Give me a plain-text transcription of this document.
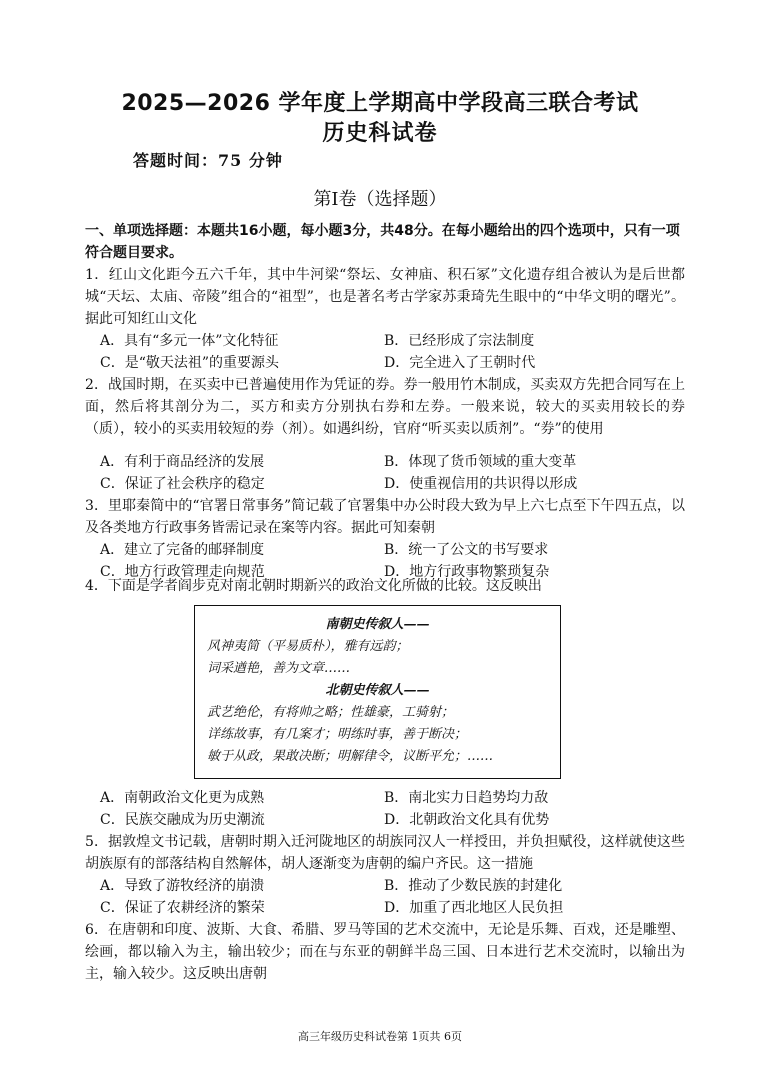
2025—2026 学年度上学期高中学段高三联合考试
历史科试卷
答题时间：75 分钟
第Ⅰ卷（选择题）
一、单项选择题：本题共16小题，每小题3分，共48分。在每小题给出的四个选项中，只有一项符合题目要求。
1．红山文化距今五六千年，其中牛河梁“祭坛、女神庙、积石冢”文化遗存组合被认为是后世都城“天坛、太庙、帝陵”组合的“祖型”，也是著名考古学家苏秉琦先生眼中的“中华文明的曙光”。据此可知红山文化
A．具有“多元一体”文化特征	B．已经形成了宗法制度
C．是“敬天法祖”的重要源头	D．完全进入了王朝时代
2．战国时期，在买卖中已普遍使用作为凭证的券。券一般用竹木制成，买卖双方先把合同写在上面，然后将其剖分为二，买方和卖方分别执右券和左券。一般来说，较大的买卖用较长的券（质），较小的买卖用较短的券（剂）。如遇纠纷，官府“听买卖以质剂”。“券”的使用
A．有利于商品经济的发展	B．体现了货币领域的重大变革
C．保证了社会秩序的稳定	D．使重视信用的共识得以形成
3．里耶秦简中的“官署日常事务”简记载了官署集中办公时段大致为早上六七点至下午四五点，以及各类地方行政事务皆需记录在案等内容。据此可知秦朝
A．建立了完备的邮驿制度	B．统一了公文的书写要求
C．地方行政管理走向规范	D．地方行政事物繁琐复杂
4．下面是学者阎步克对南北朝时期新兴的政治文化所做的比较。这反映出
南朝史传叙人——
风神夷简（平易质朴），雅有远韵；
词采遒艳，善为文章……
北朝史传叙人——
武艺绝伦，有将帅之略；性雄豪，工骑射；
详练故事，有几案才；明练时事，善于断决；
敏于从政，果敢决断；明解律令，议断平允；……
A．南朝政治文化更为成熟	B．南北实力日趋势均力敌
C．民族交融成为历史潮流	D．北朝政治文化具有优势
5．据敦煌文书记载，唐朝时期入迁河陇地区的胡族同汉人一样授田，并负担赋役，这样就使这些胡族原有的部落结构自然解体，胡人逐渐变为唐朝的编户齐民。这一措施
A．导致了游牧经济的崩溃	B．推动了少数民族的封建化
C．保证了农耕经济的繁荣	D．加重了西北地区人民负担
6．在唐朝和印度、波斯、大食、希腊、罗马等国的艺术交流中，无论是乐舞、百戏，还是雕塑、绘画，都以输入为主，输出较少；而在与东亚的朝鲜半岛三国、日本进行艺术交流时，以输出为主，输入较少。这反映出唐朝
高三年级历史科试卷第 1页共 6页
